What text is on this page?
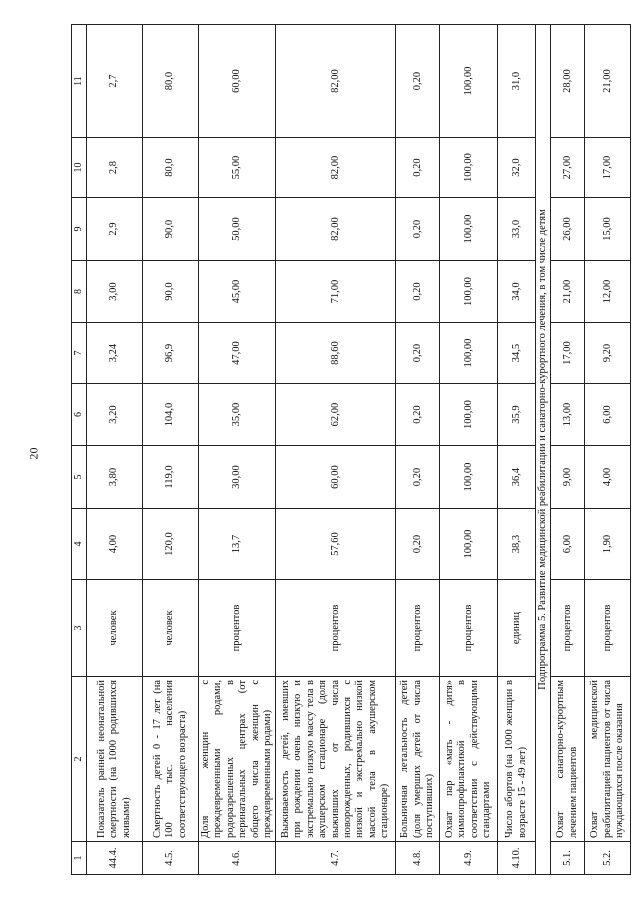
20
1	2	3	4	5	6	7	8	9	10	11
44.4.	Показатель ранней неонатальной смертности (на 1000 родившихся живыми)	человек	4,00	3,80	3,20	3,24	3,00	2,9	2,8	2,7
4.5.	Смертность детей 0 - 17 лет (на 100 тыс. населения соответствующего возраста)	человек	120,0	119,0	104,0	96,9	90,0	90,0	80,0	80,0
4.6.	Доля женщин с преждевременными родами, родоразрешенных в перинатальных центрах (от общего числа женщин с преждевременными родами)	процентов	13,7	30,00	35,00	47,00	45,00	50,00	55,00	60,00
4.7.	Выживаемость детей, имевших при рождении очень низкую и экстремально низкую массу тела в акушерском стационаре (доля выживших от числа новорожденных, родившихся с низкой и экстремально низкой массой тела в акушерском стационаре)	процентов	57,60	60,00	62,00	88,60	71,00	82,00	82,00	82,00
4.8.	Больничная летальность детей (доля умерших детей от числа поступивших)	процентов	0,20	0,20	0,20	0,20	0,20	0,20	0,20	0,20
4.9.	Охват пар «мать - дитя» химиопрофилактикой в соответствии с действующими стандартами	процентов	100,00	100,00	100,00	100,00	100,00	100,00	100,00	100,00
4.10.	Число абортов (на 1000 женщин в возрасте 15 - 49 лет)	единиц	38,3	36,4	35,9	34,5	34,0	33,0	32,0	31,0
Подпрограмма 5. Развитие медицинской реабилитации и санаторно-курортного лечения, в том числе детям										
5.1.	Охват санаторно-курортным лечением пациентов	процентов	6,00	9,00	13,00	17,00	21,00	26,00	27,00	28,00
5.2.	Охват медицинской реабилитацией пациентов от числа нуждающихся после оказания	процентов	1,90	4,00	6,00	9,20	12,00	15,00	17,00	21,00
